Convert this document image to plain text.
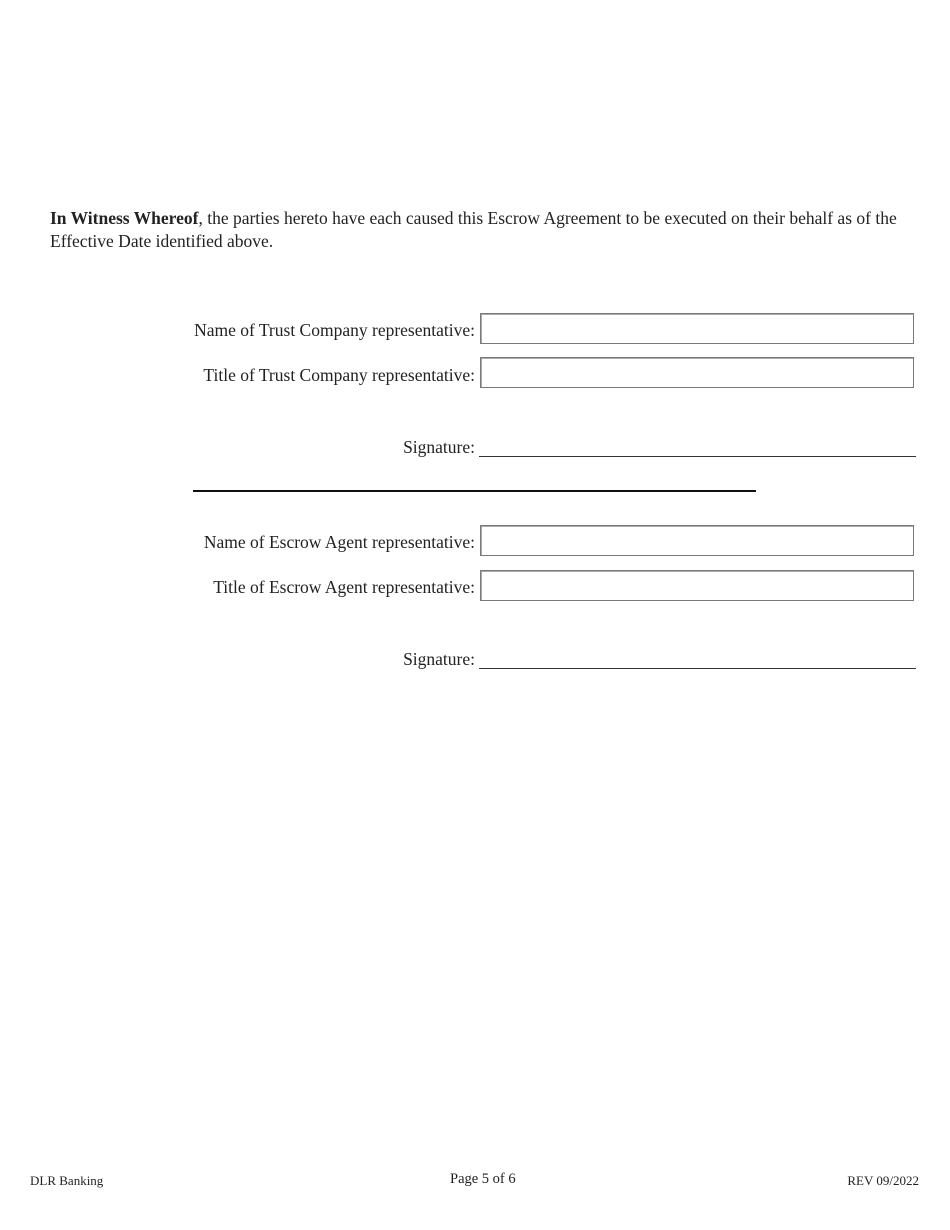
In Witness Whereof, the parties hereto have each caused this Escrow Agreement to be executed on their behalf as of the Effective Date identified above.

Name of Trust Company representative:
Title of Trust Company representative:
Signature:
Name of Escrow Agent representative:
Title of Escrow Agent representative:
Signature:
DLR Banking	Page 5 of 6	REV 09/2022
